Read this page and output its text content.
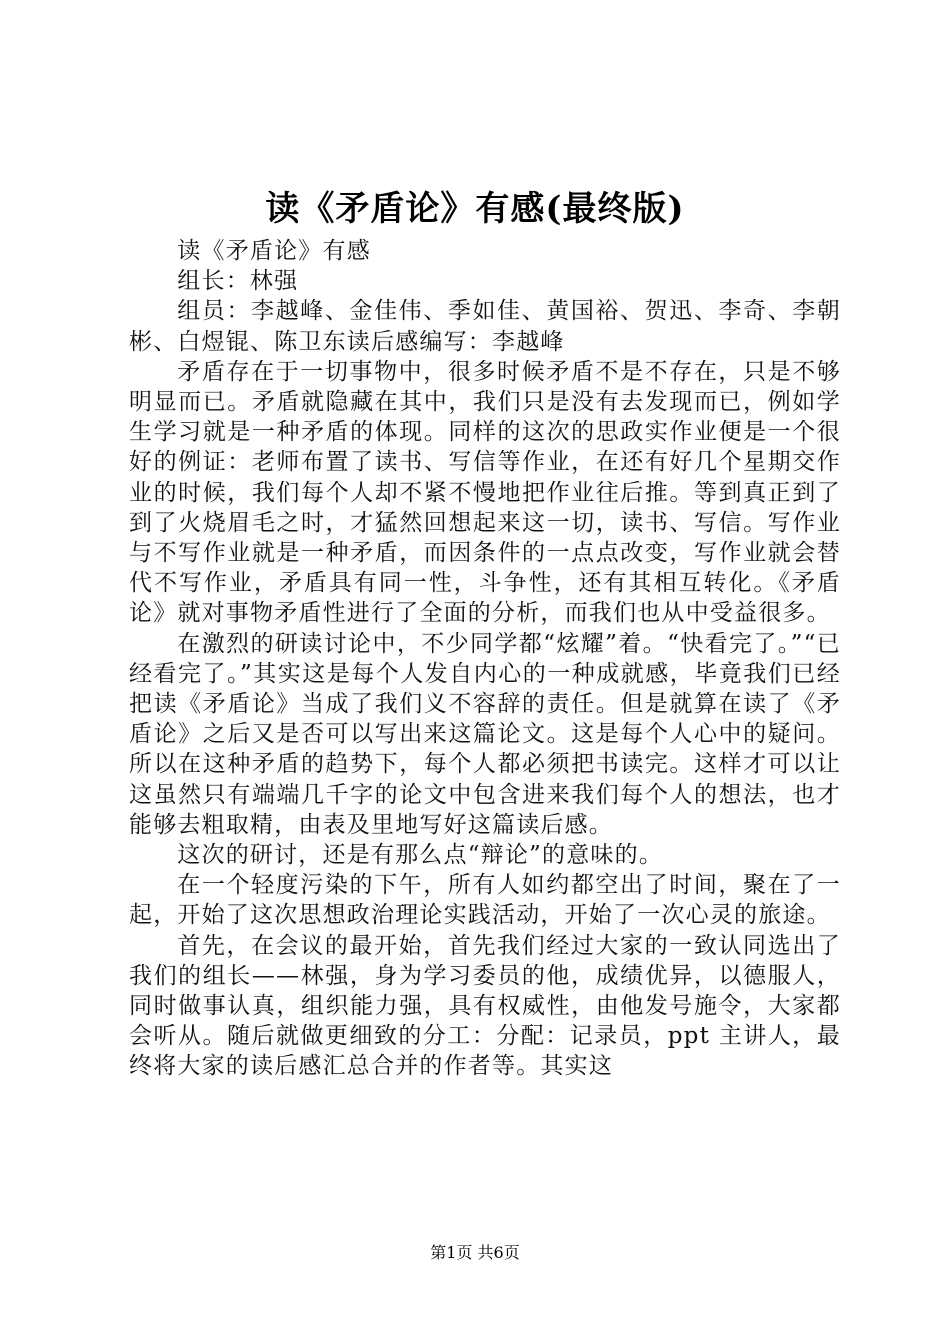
读《矛盾论》有感(最终版)

读《矛盾论》有感

组长：林强

组员：李越峰、金佳伟、季如佳、黄国裕、贺迅、李奇、李朝彬、白煜锟、陈卫东读后感编写：李越峰

矛盾存在于一切事物中，很多时候矛盾不是不存在，只是不够明显而已。矛盾就隐藏在其中，我们只是没有去发现而已，例如学生学习就是一种矛盾的体现。同样的这次的思政实作业便是一个很好的例证：老师布置了读书、写信等作业，在还有好几个星期交作业的时候，我们每个人却不紧不慢地把作业往后推。等到真正到了到了火烧眉毛之时，才猛然回想起来这一切，读书、写信。写作业与不写作业就是一种矛盾，而因条件的一点点改变，写作业就会替代不写作业，矛盾具有同一性，斗争性，还有其相互转化。《矛盾论》就对事物矛盾性进行了全面的分析，而我们也从中受益很多。

在激烈的研读讨论中，不少同学都“炫耀”着。“快看完了。”“已经看完了。”其实这是每个人发自内心的一种成就感，毕竟我们已经把读《矛盾论》当成了我们义不容辞的责任。但是就算在读了《矛盾论》之后又是否可以写出来这篇论文。这是每个人心中的疑问。所以在这种矛盾的趋势下，每个人都必须把书读完。这样才可以让这虽然只有端端几千字的论文中包含进来我们每个人的想法，也才能够去粗取精，由表及里地写好这篇读后感。

这次的研讨，还是有那么点“辩论”的意味的。

在一个轻度污染的下午，所有人如约都空出了时间，聚在了一起，开始了这次思想政治理论实践活动，开始了一次心灵的旅途。

首先，在会议的最开始，首先我们经过大家的一致认同选出了我们的组长——林强，身为学习委员的他，成绩优异，以德服人，同时做事认真，组织能力强，具有权威性，由他发号施令，大家都会听从。随后就做更细致的分工：分配：记录员，ppt 主讲人，最终将大家的读后感汇总合并的作者等。其实这

第1页 共6页
